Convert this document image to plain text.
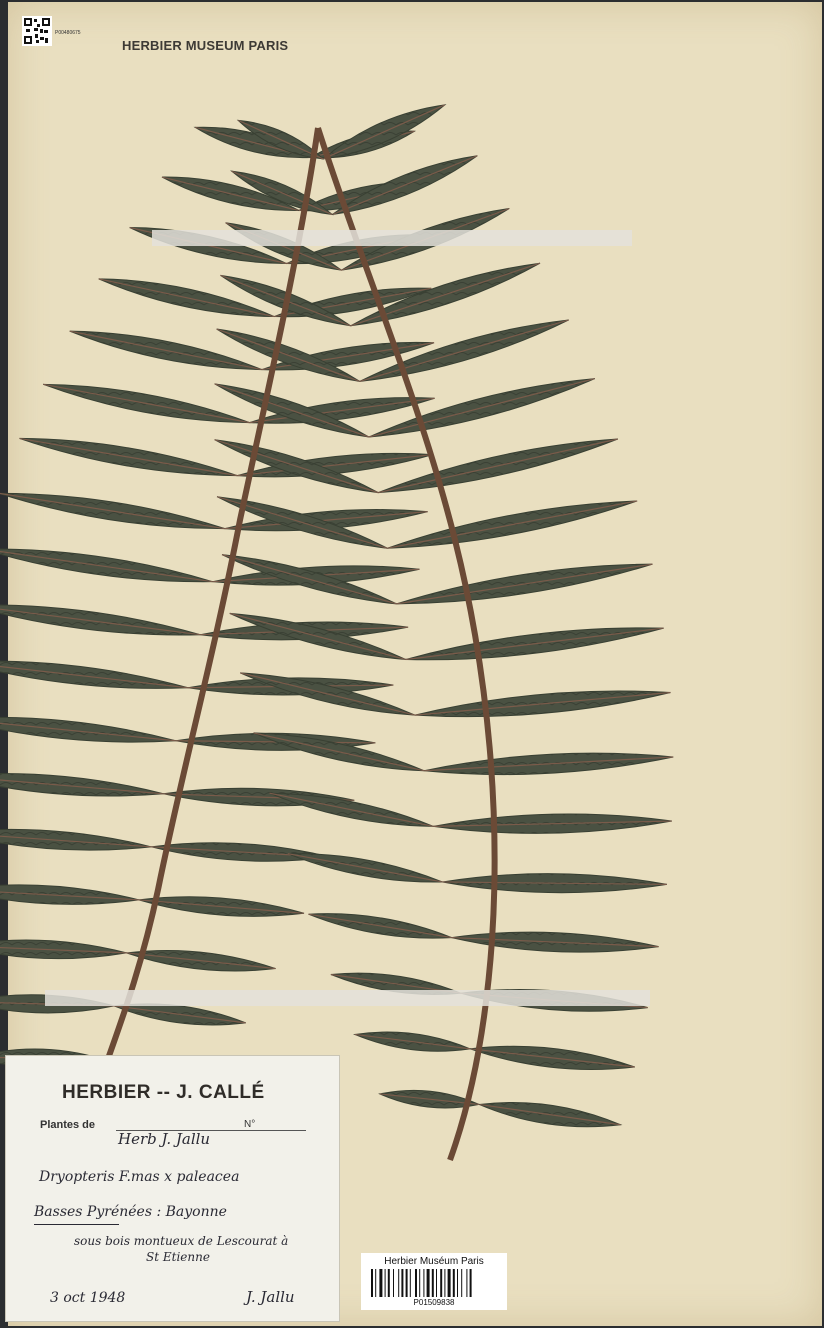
P00480675
HERBIER MUSEUM PARIS
HERBIER -- J. CALLÉ
Plantes de	N°
Herb J. Jallu
Dryopteris F.mas x paleacea
Basses Pyrénées : Bayonne
sous bois montueux de Lescourat à
St Etienne
3 oct 1948	J. Jallu
Herbier Muséum Paris
P01509838
